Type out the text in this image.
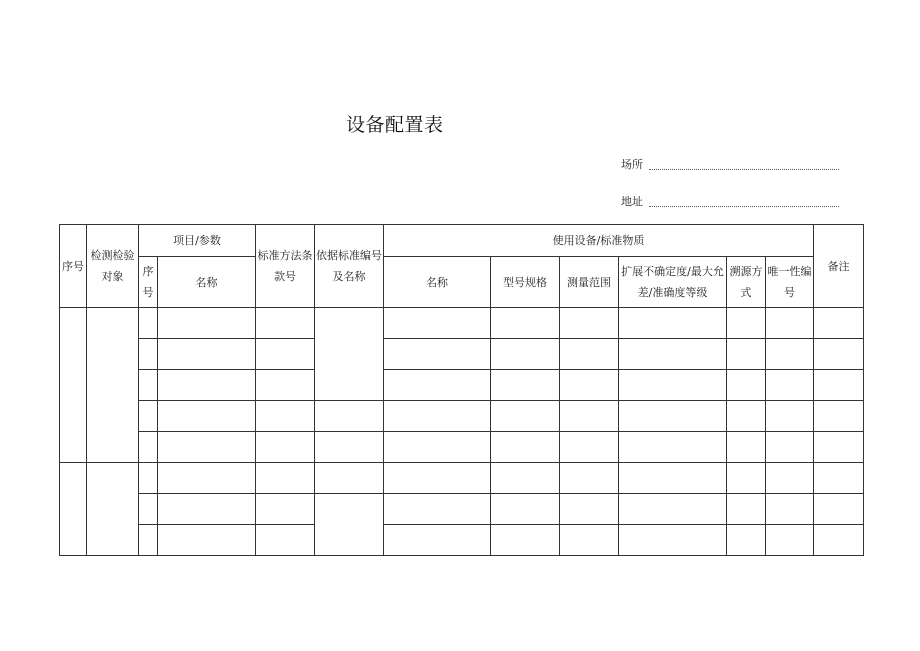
设备配置表
场所
地址
序号	检测检验对象	项目/参数		标准方法条款号	依据标准编号及名称	使用设备/标准物质						备注
		序号	名称			名称	型号规格	测量范围	扩展不确定度/最大允差/准确度等级	溯源方式	唯一性编号	
